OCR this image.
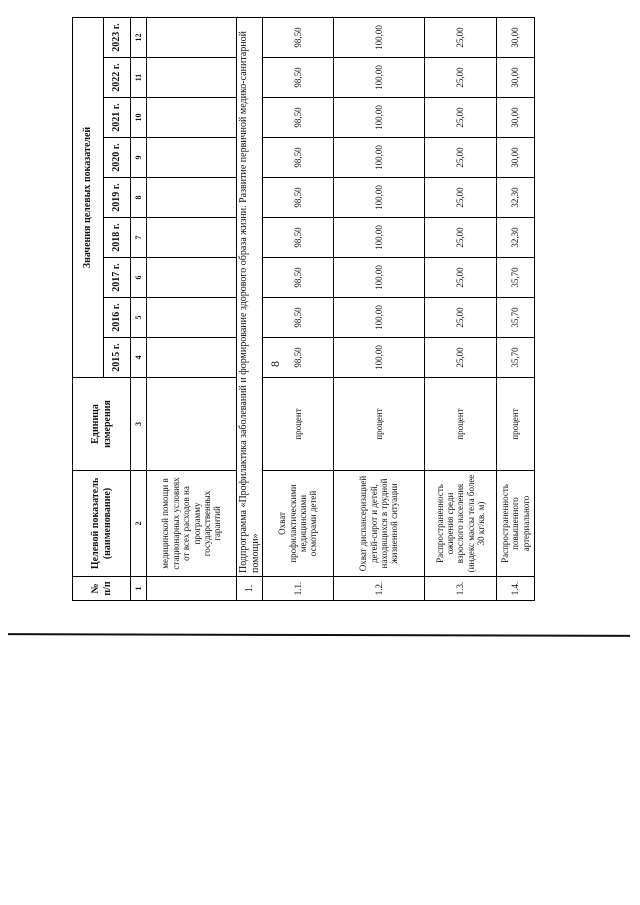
8
№ п/п	Целевой показатель (наименование)	Единица измерения	Значения целевых показателей								
			2015 г.	2016 г.	2017 г.	2018 г.	2019 г.	2020 г.	2021 г.	2022 г.	2023 г.
1	2	3	4	5	6	7	8	9	10	11	12
	медицинской помощи в стационарных условиях от всех расходов на программу государственных гарантий										
1.	Подпрограмма «Профилактика заболеваний и формирование здорового образа жизни. Развитие первичной медико-санитарной помощи»										
1.1.	Охват профилактическими медицинскими осмотрами детей	процент	98,50	98,50	98,50	98,50	98,50	98,50	98,50	98,50	98,50
1.2.	Охват диспансеризацией детей-сирот и детей, находящихся в трудной жизненной ситуации	процент	100,00	100,00	100,00	100,00	100,00	100,00	100,00	100,00	100,00
1.3.	Распространенность ожирения среди взрослого населения (индекс массы тела более 30 кг/кв. м)	процент	25,00	25,00	25,00	25,00	25,00	25,00	25,00	25,00	25,00
1.4.	Распространенность повышенного артериального	процент	35,70	35,70	35,70	32,30	32,30	30,00	30,00	30,00	30,00
